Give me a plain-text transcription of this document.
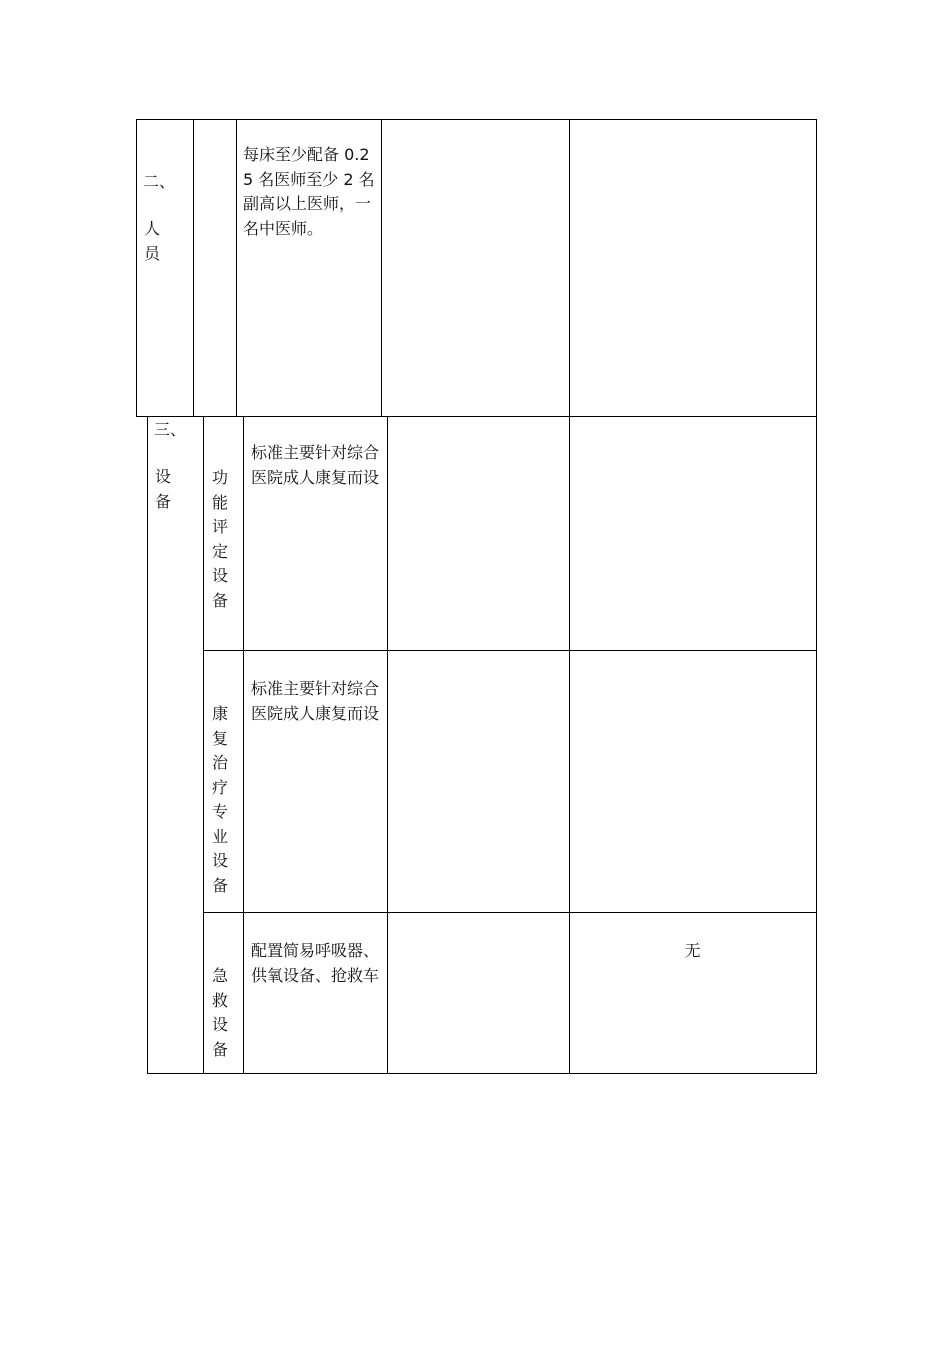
二、
人
员
每床至少配备 0.25 名医师至少 2 名副高以上医师，一名中医师。
三、
设
备
功
能
评
定
设
备
标准主要针对综合医院成人康复而设
康
复
治
疗
专
业
设
备
标准主要针对综合医院成人康复而设
急
救
设
备
配置简易呼吸器、供氧设备、抢救车
无
